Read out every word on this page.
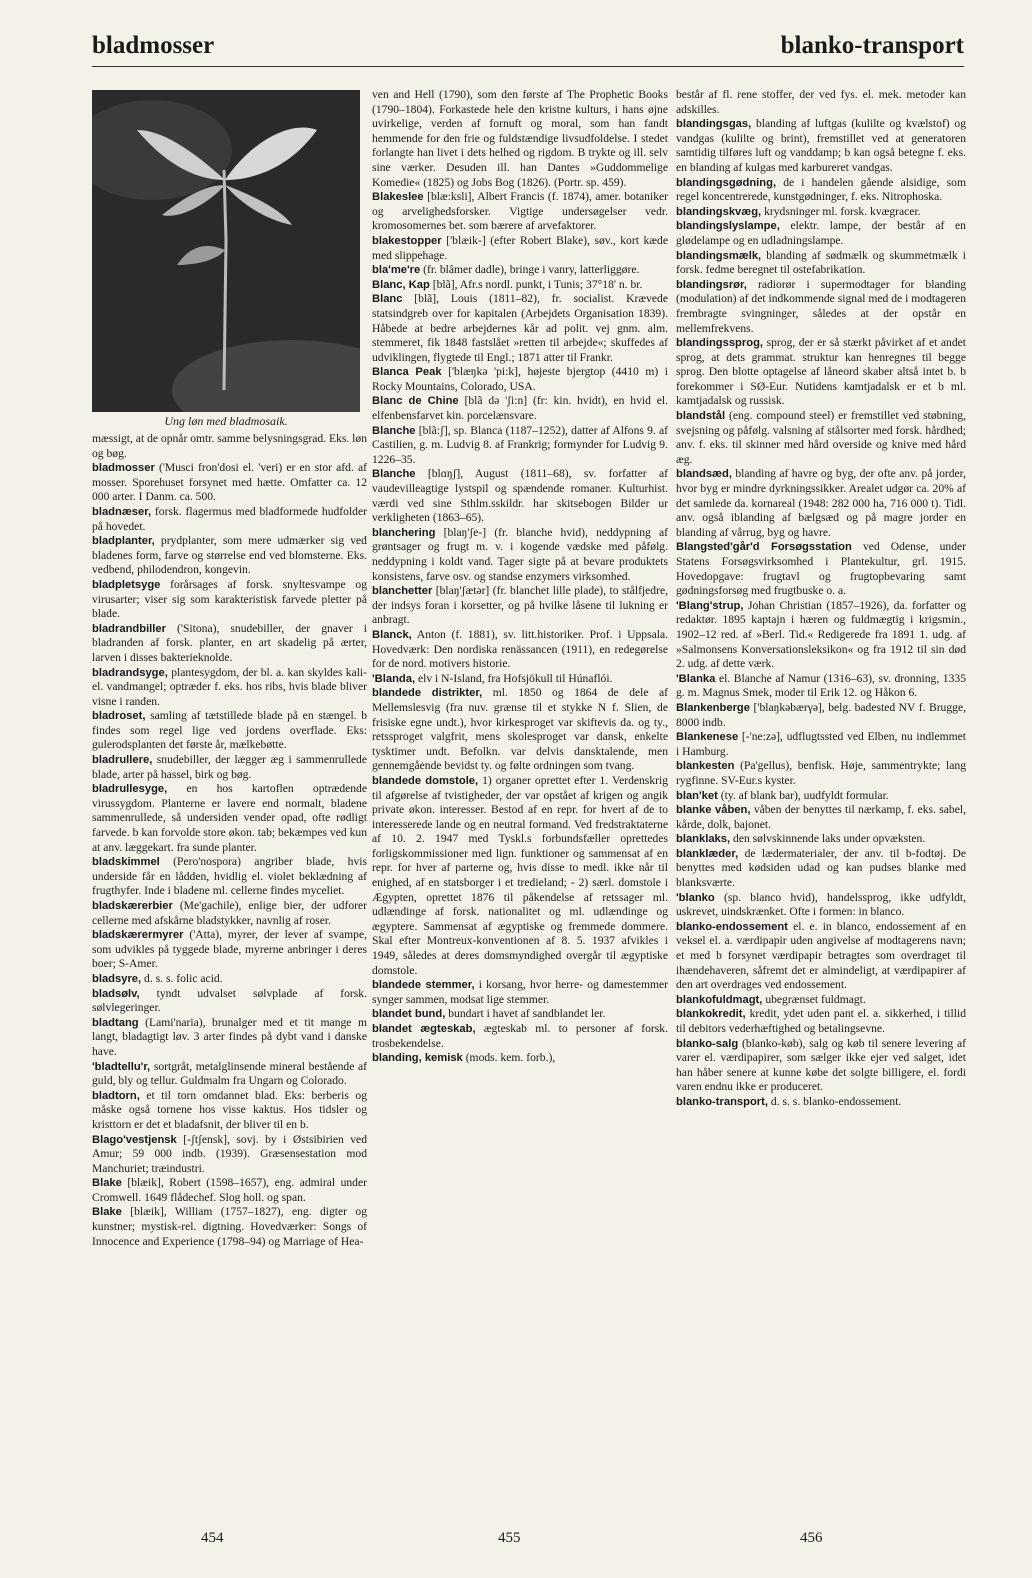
bladmosser	blanko-transport
Ung løn med bladmosaik.

mæssigt, at de opnår omtr. samme belysningsgrad. Eks. løn og bøg.

bladmosser ('Musci fron'dosi el. 'veri) er en stor afd. af mosser. Sporehuset forsynet med hætte. Omfatter ca. 12 000 arter. I Danm. ca. 500.

bladnæser, forsk. flagermus med bladformede hudfolder på hovedet.

bladplanter, prydplanter, som mere udmærker sig ved bladenes form, farve og størrelse end ved blomsterne. Eks. vedbend, philodendron, kongevin.

bladpletsyge forårsages af forsk. snyltesvampe og virusarter; viser sig som karakteristisk farvede pletter på blade.

bladrandbiller ('Sitona), snudebiller, der gnaver i bladranden af forsk. planter, en art skadelig på ærter, larven i disses bakterieknolde.

bladrandsyge, plantesygdom, der bl. a. kan skyldes kali- el. vandmangel; optræder f. eks. hos ribs, hvis blade bliver visne i randen.

bladroset, samling af tætstillede blade på en stængel. b findes som regel lige ved jordens overflade. Eks: gulerodsplanten det første år, mælkebøtte.

bladrullere, snudebiller, der lægger æg i sammenrullede blade, arter på hassel, birk og bøg.

bladrullesyge, en hos kartoflen optrædende virussygdom. Planterne er lavere end normalt, bladene sammenrullede, så undersiden vender opad, ofte rødligt farvede. b kan forvolde store økon. tab; bekæmpes ved kun at anv. læggekart. fra sunde planter.

bladskimmel (Pero'nospora) angriber blade, hvis underside får en lådden, hvidlig el. violet beklædning af frugthyfer. Inde i bladene ml. cellerne findes myceliet.

bladskærerbier (Me'gachile), enlige bier, der udforer cellerne med afskårne bladstykker, navnlig af roser.

bladskærermyrer ('Atta), myrer, der lever af svampe, som udvikles på tyggede blade, myrerne anbringer i deres boer; S-Amer.

bladsyre, d. s. s. folic acid.

bladsølv, tyndt udvalset sølvplade af forsk. sølvlegeringer.

bladtang (Lami'naria), brunalger med et tit mange m langt, bladagtigt løv. 3 arter findes på dybt vand i danske have.

'bladtellu'r, sortgråt, metalglinsende mineral bestående af guld, bly og tellur. Guldmalm fra Ungarn og Colorado.

bladtorn, et til torn omdannet blad. Eks: berberis og måske også tornene hos visse kaktus. Hos tidsler og kristtorn er det et bladafsnit, der bliver til en b.

Blago'vestjensk [-ʃtʃensk], sovj. by i Østsibirien ved Amur; 59 000 indb. (1939). Græsensestation mod Manchuriet; træindustri.

Blake [blæik], Robert (1598–1657), eng. admiral under Cromwell. 1649 flådechef. Slog holl. og span.

Blake [blæik], William (1757–1827), eng. digter og kunstner; mystisk-rel. digtning. Hovedværker: Songs of Innocence and Experience (1798–94) og Marriage of Hea-

ven and Hell (1790), som den første af The Prophetic Books (1790–1804). Forkastede hele den kristne kulturs, i hans øjne uvirkelige, verden af fornuft og moral, som han fandt hemmende for den frie og fuldstændige livsudfoldelse. I stedet forlangte han livet i dets helhed og rigdom. B trykte og ill. selv sine værker. Desuden ill. han Dantes »Guddommelige Komedie« (1825) og Jobs Bog (1826). (Portr. sp. 459).

Blakeslee [blæ:ksli], Albert Francis (f. 1874), amer. botaniker og arvelighedsforsker. Vigtige undersøgelser vedr. kromosomernes bet. som bærere af arvefaktorer.

blakestopper ['blæik-] (efter Robert Blake), søv., kort kæde med slippehage.

bla'me're (fr. blâmer dadle), bringe i vanry, latterliggøre.

Blanc, Kap [blã], Afr.s nordl. punkt, i Tunis; 37°18' n. br.

Blanc [blã], Louis (1811–82), fr. socialist. Krævede statsindgreb over for kapitalen (Arbejdets Organisation 1839). Håbede at bedre arbejdernes kår ad polit. vej gnm. alm. stemmeret, fik 1848 fastslået »retten til arbejde«; skuffedes af udviklingen, flygtede til Engl.; 1871 atter til Frankr.

Blanca Peak ['blæŋkə 'pi:k], højeste bjergtop (4410 m) i Rocky Mountains, Colorado, USA.

Blanc de Chine [blã də 'ʃi:n] (fr: kin. hvidt), en hvid el. elfenbensfarvet kin. porcelænsvare.

Blanche [blã:ʃ], sp. Blanca (1187–1252), datter af Alfons 9. af Castilien, g. m. Ludvig 8. af Frankrig; formynder for Ludvig 9. 1226–35.

Blanche [blɑŋʃ], August (1811–68), sv. forfatter af vaudevilleagtige lystspil og spændende romaner. Kulturhist. værdi ved sine Sthlm.sskildr. har skitsebogen Bilder ur verkligheten (1863–65).

blanchering [blaŋ'ʃe-] (fr. blanche hvid), neddypning af grøntsager og frugt m. v. i kogende vædske med påfølg. neddypning i koldt vand. Tager sigte på at bevare produktets konsistens, farve osv. og standse enzymers virksomhed.

blanchetter [blaŋ'ʃætər] (fr. blanchet lille plade), to stålfjedre, der indsys foran i korsetter, og på hvilke låsene til lukning er anbragt.

Blanck, Anton (f. 1881), sv. litt.historiker. Prof. i Uppsala. Hovedværk: Den nordiska renässancen (1911), en redegørelse for de nord. motivers historie.

'Blanda, elv i N-Island, fra Hofsjökull til Húnaflói.

blandede distrikter, ml. 1850 og 1864 de dele af Mellemslesvig (fra nuv. grænse til et stykke N f. Slien, de frisiske egne undt.), hvor kirkesproget var skiftevis da. og ty., retssproget valgfrit, mens skolesproget var dansk, enkelte tysktimer undt. Befolkn. var delvis dansktalende, men gennemgående bevidst ty. og følte ordningen som tvang.

blandede domstole, 1) organer oprettet efter 1. Verdenskrig til afgørelse af tvistigheder, der var opstået af krigen og angik private økon. interesser. Bestod af en repr. for hvert af de to interesserede lande og en neutral formand. Ved fredstraktaterne af 10. 2. 1947 med Tyskl.s forbundsfæller oprettedes forligskommissioner med lign. funktioner og sammensat af en repr. for hver af parterne og, hvis disse to medl. ikke når til enighed, af en statsborger i et tredieland; - 2) særl. domstole i Ægypten, oprettet 1876 til påkendelse af retssager ml. udlændinge af forsk. nationalitet og ml. udlændinge og ægyptere. Sammensat af ægyptiske og fremmede dommere. Skal efter Montreux-konventionen af 8. 5. 1937 afvikles i 1949, således at deres domsmyndighed overgår til ægyptiske domstole.

blandede stemmer, i korsang, hvor herre- og damestemmer synger sammen, modsat lige stemmer.

blandet bund, bundart i havet af sandblandet ler.

blandet ægteskab, ægteskab ml. to personer af forsk. trosbekendelse.

blanding, kemisk (mods. kem. forb.),

består af fl. rene stoffer, der ved fys. el. mek. metoder kan adskilles.

blandingsgas, blanding af luftgas (kulilte og kvælstof) og vandgas (kulilte og brint), fremstillet ved at generatoren samtidig tilføres luft og vanddamp; b kan også betegne f. eks. en blanding af kulgas med karbureret vandgas.

blandingsgødning, de i handelen gående alsidige, som regel koncentrerede, kunstgødninger, f. eks. Nitrophoska.

blandingskvæg, krydsninger ml. forsk. kvægracer.

blandingslyslampe, elektr. lampe, der består af en glødelampe og en udladningslampe.

blandingsmælk, blanding af sødmælk og skummetmælk i forsk. fedme beregnet til ostefabrikation.

blandingsrør, radiorør i supermodtager for blanding (modulation) af det indkommende signal med de i modtageren frembragte svingninger, således at der opstår en mellemfrekvens.

blandingssprog, sprog, der er så stærkt påvirket af et andet sprog, at dets grammat. struktur kan henregnes til begge sprog. Den blotte optagelse af låneord skaber altså intet b. b forekommer i SØ-Eur. Nutidens kamtjadalsk er et b ml. kamtjadalsk og russisk.

blandstål (eng. compound steel) er fremstillet ved støbning, svejsning og påfølg. valsning af stålsorter med forsk. hårdhed; anv. f. eks. til skinner med hård overside og knive med hård æg.

blandsæd, blanding af havre og byg, der ofte anv. på jorder, hvor byg er mindre dyrkningssikker. Arealet udgør ca. 20% af det samlede da. kornareal (1948: 282 000 ha, 716 000 t). Tidl. anv. også iblanding af bælgsæd og på magre jorder en blanding af vårrug, byg og havre.

Blangsted'går'd Forsøgsstation ved Odense, under Statens Forsøgsvirksomhed i Plantekultur, grl. 1915. Hovedopgave: frugtavl og frugtopbevaring samt gødningsforsøg med frugtbuske o. a.

'Blang'strup, Johan Christian (1857–1926), da. forfatter og redaktør. 1895 kaptajn i hæren og fuldmægtig i krigsmin., 1902–12 red. af »Berl. Tid.« Redigerede fra 1891 1. udg. af »Salmonsens Konversationsleksikon« og fra 1912 til sin død 2. udg. af dette værk.

'Blanka el. Blanche af Namur (1316–63), sv. dronning, 1335 g. m. Magnus Smek, moder til Erik 12. og Håkon 6.

Blankenberge ['blaŋkəbærγə], belg. badested NV f. Brugge, 8000 indb.

Blankenese [-'ne:zə], udflugtssted ved Elben, nu indlemmet i Hamburg.

blankesten (Pa'gellus), benfisk. Høje, sammentrykte; lang rygfinne. SV-Eur.s kyster.

blan'ket (ty. af blank bar), uudfyldt formular.

blanke våben, våben der benyttes til nærkamp, f. eks. sabel, kårde, dolk, bajonet.

blanklaks, den sølvskinnende laks under opvæksten.

blanklæder, de lædermaterialer, der anv. til b-fodtøj. De benyttes med kødsiden udad og kan pudses blanke med blanksværte.

'blanko (sp. blanco hvid), handelssprog, ikke udfyldt, uskrevet, uindskrænket. Ofte i formen: in blanco.

blanko-endossement el. e. in blanco, endossement af en veksel el. a. værdipapir uden angivelse af modtagerens navn; et med b forsynet værdipapir betragtes som overdraget til ihændehaveren, såfremt det er almindeligt, at værdipapirer af den art overdrages ved endossement.

blankofuldmagt, ubegrænset fuldmagt.

blankokredit, kredit, ydet uden pant el. a. sikkerhed, i tillid til debitors vederhæftighed og betalingsevne.

blanko-salg (blanko-køb), salg og køb til senere levering af varer el. værdipapirer, som sælger ikke ejer ved salget, idet han håber senere at kunne købe det solgte billigere, el. fordi varen endnu ikke er produceret.

blanko-transport, d. s. s. blanko-endossement.

454	455	456
